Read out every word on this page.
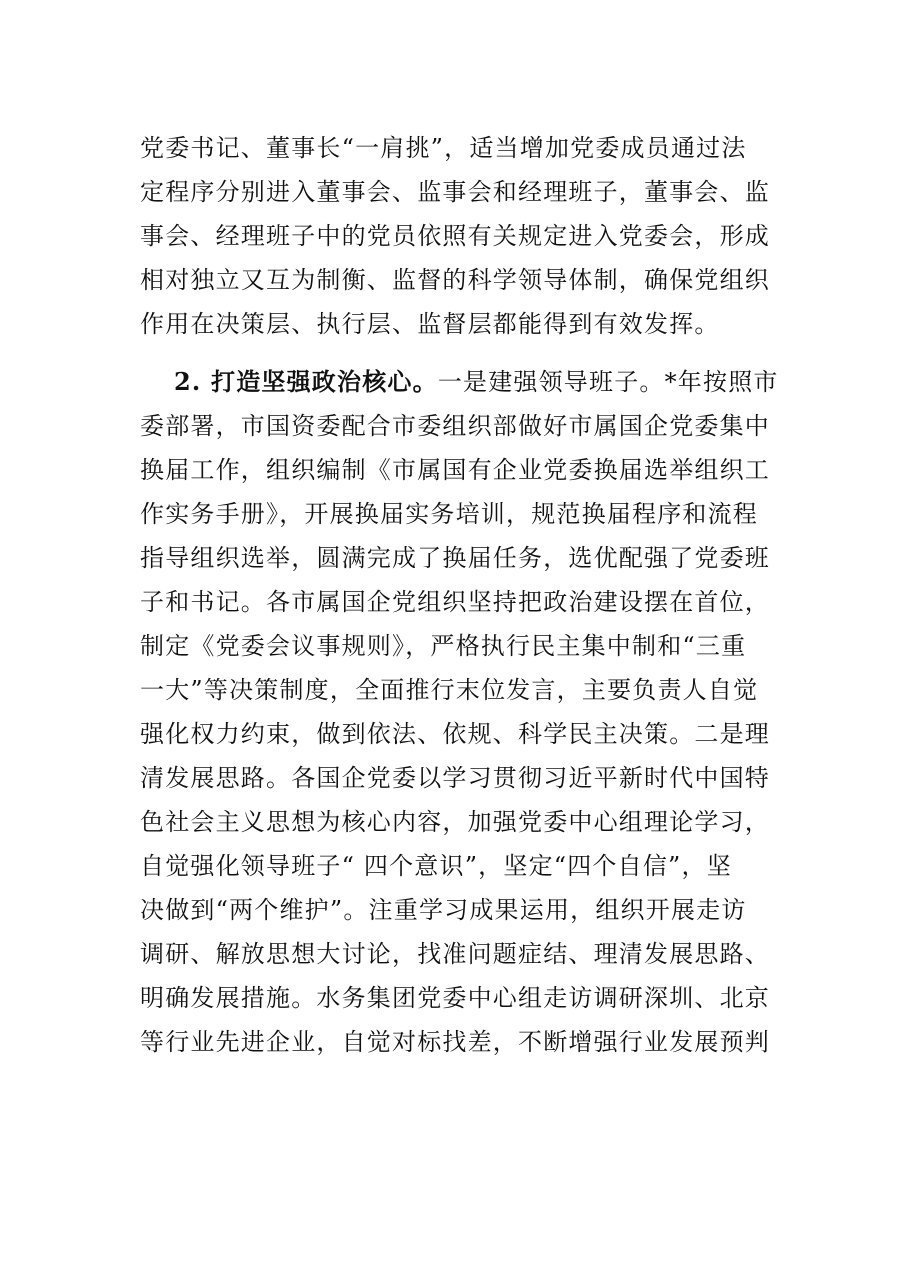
党委书记、董事长“一肩挑”，适当增加党委成员通过法
定程序分别进入董事会、监事会和经理班子，董事会、监
事会、经理班子中的党员依照有关规定进入党委会，形成
相对独立又互为制衡、监督的科学领导体制，确保党组织
作用在决策层、执行层、监督层都能得到有效发挥。
2. 打造坚强政治核心。一是建强领导班子。*年按照市
委部署，市国资委配合市委组织部做好市属国企党委集中
换届工作，组织编制《市属国有企业党委换届选举组织工
作实务手册》，开展换届实务培训，规范换届程序和流程
指导组织选举，圆满完成了换届任务，选优配强了党委班
子和书记。各市属国企党组织坚持把政治建设摆在首位，
制定《党委会议事规则》，严格执行民主集中制和“三重
一大”等决策制度，全面推行末位发言，主要负责人自觉
强化权力约束，做到依法、依规、科学民主决策。二是理
清发展思路。各国企党委以学习贯彻习近平新时代中国特
色社会主义思想为核心内容，加强党委中心组理论学习，
自觉强化领导班子“ 四个意识”，坚定“四个自信”，坚
决做到“两个维护”。注重学习成果运用，组织开展走访
调研、解放思想大讨论，找准问题症结、理清发展思路、
明确发展措施。水务集团党委中心组走访调研深圳、北京
等行业先进企业，自觉对标找差，不断增强行业发展预判
